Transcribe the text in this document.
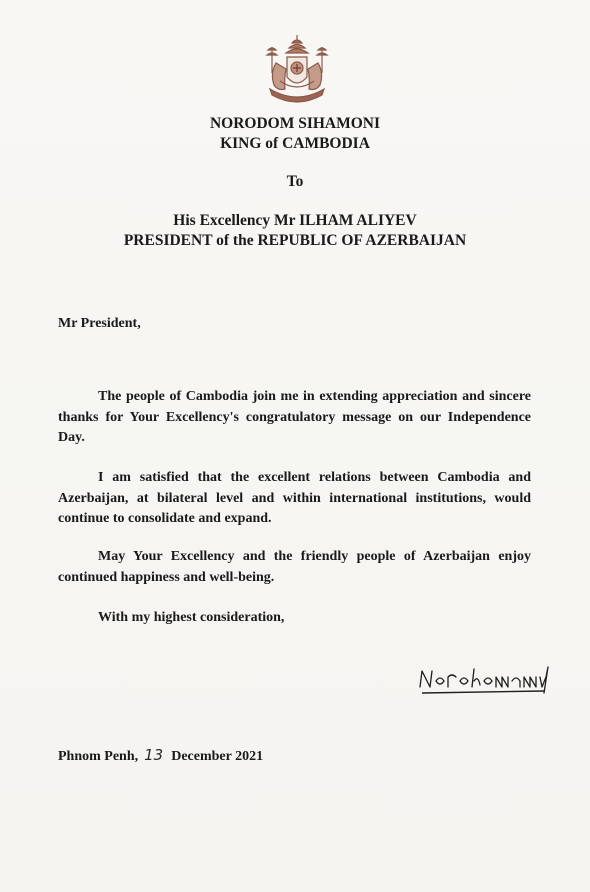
NORODOM SIHAMONI
KING of CAMBODIA
To
His Excellency Mr ILHAM ALIYEV
PRESIDENT of the REPUBLIC OF AZERBAIJAN
Mr President,
The people of Cambodia join me in extending appreciation and sincere thanks for Your Excellency's congratulatory message on our Independence Day.
I am satisfied that the excellent relations between Cambodia and Azerbaijan, at bilateral level and within international institutions, would continue to consolidate and expand.
May Your Excellency and the friendly people of Azerbaijan enjoy continued happiness and well-being.
With my highest consideration,
Phnom Penh, 13 December 2021
